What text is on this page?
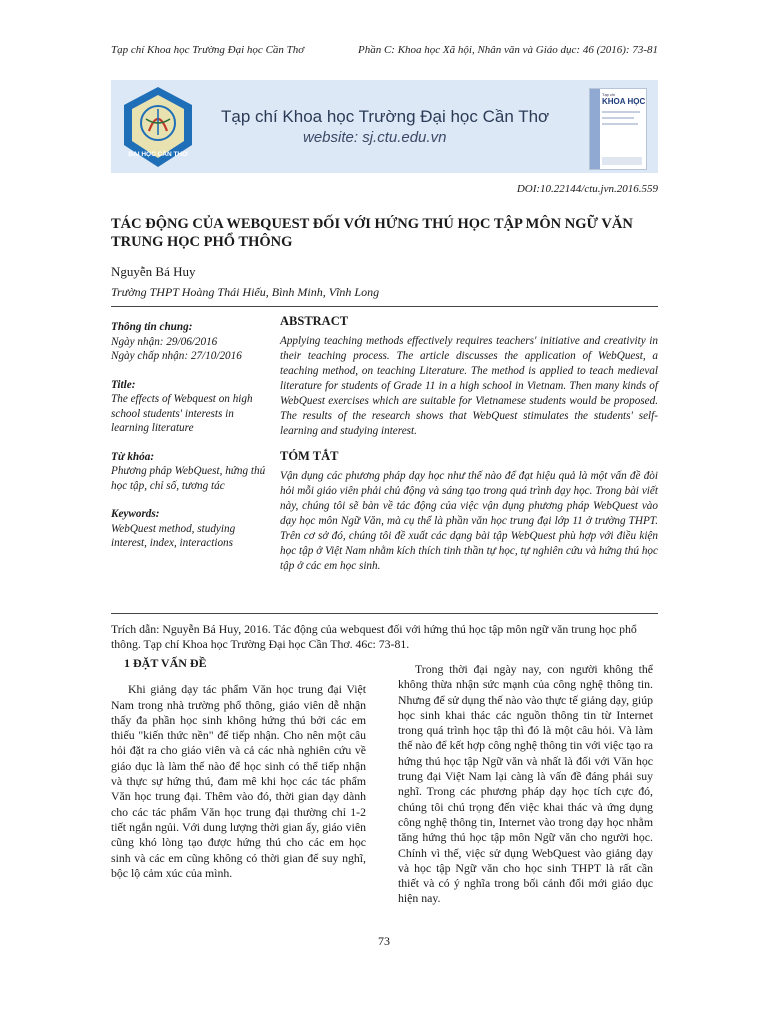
Tạp chí Khoa học Trường Đại học Cần Thơ	Phần C: Khoa học Xã hội, Nhân văn và Giáo dục: 46 (2016): 73-81
ĐẠI HỌC CẦN THƠ
Tạp chí Khoa học Trường Đại học Cần Thơ
website: sj.ctu.edu.vn
Tạp chí
KHOA HỌC
DOI:10.22144/ctu.jvn.2016.559
TÁC ĐỘNG CỦA WEBQUEST ĐỐI VỚI HỨNG THÚ HỌC TẬP MÔN NGỮ VĂN TRUNG HỌC PHỔ THÔNG
Nguyễn Bá Huy
Trường THPT Hoàng Thái Hiếu, Bình Minh, Vĩnh Long
Thông tin chung:
Ngày nhận: 29/06/2016
Ngày chấp nhận: 27/10/2016
Title:
The effects of Webquest on high school students' interests in learning literature
Từ khóa:
Phương pháp WebQuest, hứng thú học tập, chỉ số, tương tác
Keywords:
WebQuest method, studying interest, index, interactions
ABSTRACT

Applying teaching methods effectively requires teachers' initiative and creativity in their teaching process. The article discusses the application of WebQuest, a teaching method, on teaching Literature. The method is applied to teach medieval literature for students of Grade 11 in a high school in Vietnam. Then many kinds of WebQuest exercises which are suitable for Vietnamese students would be proposed. The results of the research shows that WebQuest stimulates the students' self-learning and studying interest.

TÓM TẮT

Vận dụng các phương pháp dạy học như thế nào để đạt hiệu quả là một vấn đề đòi hỏi mỗi giáo viên phải chủ động và sáng tạo trong quá trình dạy học. Trong bài viết này, chúng tôi sẽ bàn về tác động của việc vận dụng phương pháp WebQuest vào dạy học môn Ngữ Văn, mà cụ thể là phần văn học trung đại lớp 11 ở trường THPT. Trên cơ sở đó, chúng tôi đề xuất các dạng bài tập WebQuest phù hợp với điều kiện học tập ở Việt Nam nhằm kích thích tinh thần tự học, tự nghiên cứu và hứng thú học tập ở các em học sinh.

Trích dẫn: Nguyễn Bá Huy, 2016. Tác động của webquest đối với hứng thú học tập môn ngữ văn trung học phổ thông. Tạp chí Khoa học Trường Đại học Cần Thơ. 46c: 73-81.
1 ĐẶT VẤN ĐỀ

Khi giảng dạy tác phẩm Văn học trung đại Việt Nam trong nhà trường phổ thông, giáo viên dễ nhận thấy đa phần học sinh không hứng thú bởi các em thiếu "kiến thức nền" để tiếp nhận. Cho nên một câu hỏi đặt ra cho giáo viên và cả các nhà nghiên cứu về giáo dục là làm thế nào để học sinh có thể tiếp nhận và thực sự hứng thú, đam mê khi học các tác phẩm Văn học trung đại. Thêm vào đó, thời gian dạy dành cho các tác phẩm Văn học trung đại thường chỉ 1-2 tiết ngắn ngủi. Với dung lượng thời gian ấy, giáo viên cũng khó lòng tạo được hứng thú cho các em học sinh và các em cũng không có thời gian để suy nghĩ, bộc lộ cảm xúc của mình.

Trong thời đại ngày nay, con người không thể không thừa nhận sức mạnh của công nghệ thông tin. Nhưng để sử dụng thế nào vào thực tế giảng dạy, giúp học sinh khai thác các nguồn thông tin từ Internet trong quá trình học tập thì đó là một câu hỏi. Và làm thế nào để kết hợp công nghệ thông tin với việc tạo ra hứng thú học tập Ngữ văn và nhất là đối với Văn học trung đại Việt Nam lại càng là vấn đề đáng phải suy nghĩ. Trong các phương pháp dạy học tích cực đó, chúng tôi chú trọng đến việc khai thác và ứng dụng công nghệ thông tin, Internet vào trong dạy học nhằm tăng hứng thú học tập môn Ngữ văn cho người học. Chính vì thế, việc sử dụng WebQuest vào giảng dạy và học tập Ngữ văn cho học sinh THPT là rất cần thiết và có ý nghĩa trong bối cảnh đổi mới giáo dục hiện nay.

73
